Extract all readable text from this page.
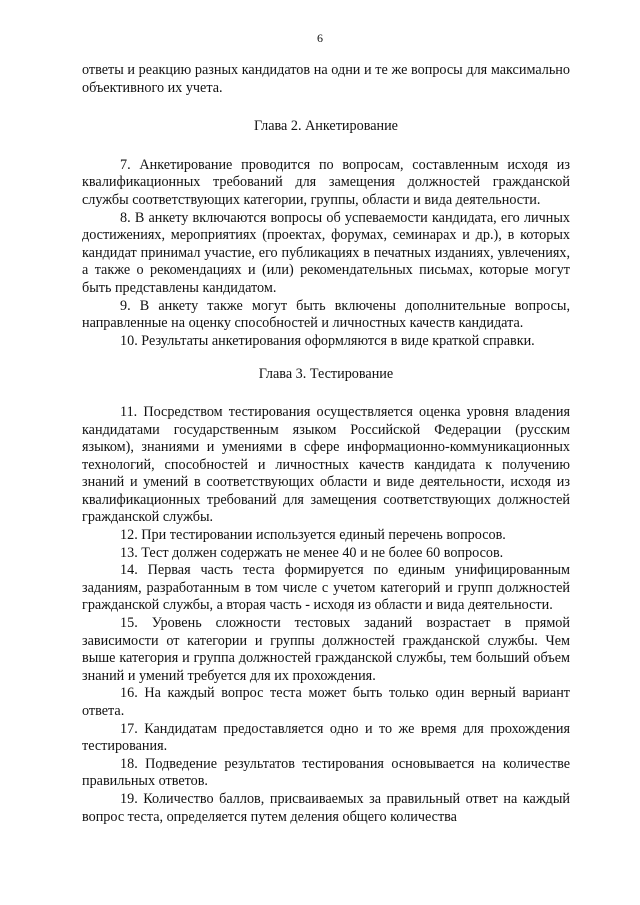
6

ответы и реакцию разных кандидатов на одни и те же вопросы для максимально объективного их учета.

Глава 2. Анкетирование

7. Анкетирование проводится по вопросам, составленным исходя из квалификационных требований для замещения должностей гражданской службы соответствующих категории, группы, области и вида деятельности.

8. В анкету включаются вопросы об успеваемости кандидата, его личных достижениях, мероприятиях (проектах, форумах, семинарах и др.), в которых кандидат принимал участие, его публикациях в печатных изданиях, увлечениях, а также о рекомендациях и (или) рекомендательных письмах, которые могут быть представлены кандидатом.

9. В анкету также могут быть включены дополнительные вопросы, направленные на оценку способностей и личностных качеств кандидата.

10. Результаты анкетирования оформляются в виде краткой справки.

Глава 3. Тестирование

11. Посредством тестирования осуществляется оценка уровня владения кандидатами государственным языком Российской Федерации (русским языком), знаниями и умениями в сфере информационно-коммуникационных технологий, способностей и личностных качеств кандидата к получению знаний и умений в соответствующих области и виде деятельности, исходя из квалификационных требований для замещения соответствующих должностей гражданской службы.

12. При тестировании используется единый перечень вопросов.

13. Тест должен содержать не менее 40 и не более 60 вопросов.

14. Первая часть теста формируется по единым унифицированным заданиям, разработанным в том числе с учетом категорий и групп должностей гражданской службы, а вторая часть - исходя из области и вида деятельности.

15. Уровень сложности тестовых заданий возрастает в прямой зависимости от категории и группы должностей гражданской службы. Чем выше категория и группа должностей гражданской службы, тем больший объем знаний и умений требуется для их прохождения.

16. На каждый вопрос теста может быть только один верный вариант ответа.

17. Кандидатам предоставляется одно и то же время для прохождения тестирования.

18. Подведение результатов тестирования основывается на количестве правильных ответов.

19. Количество баллов, присваиваемых за правильный ответ на каждый вопрос теста, определяется путем деления общего количества
